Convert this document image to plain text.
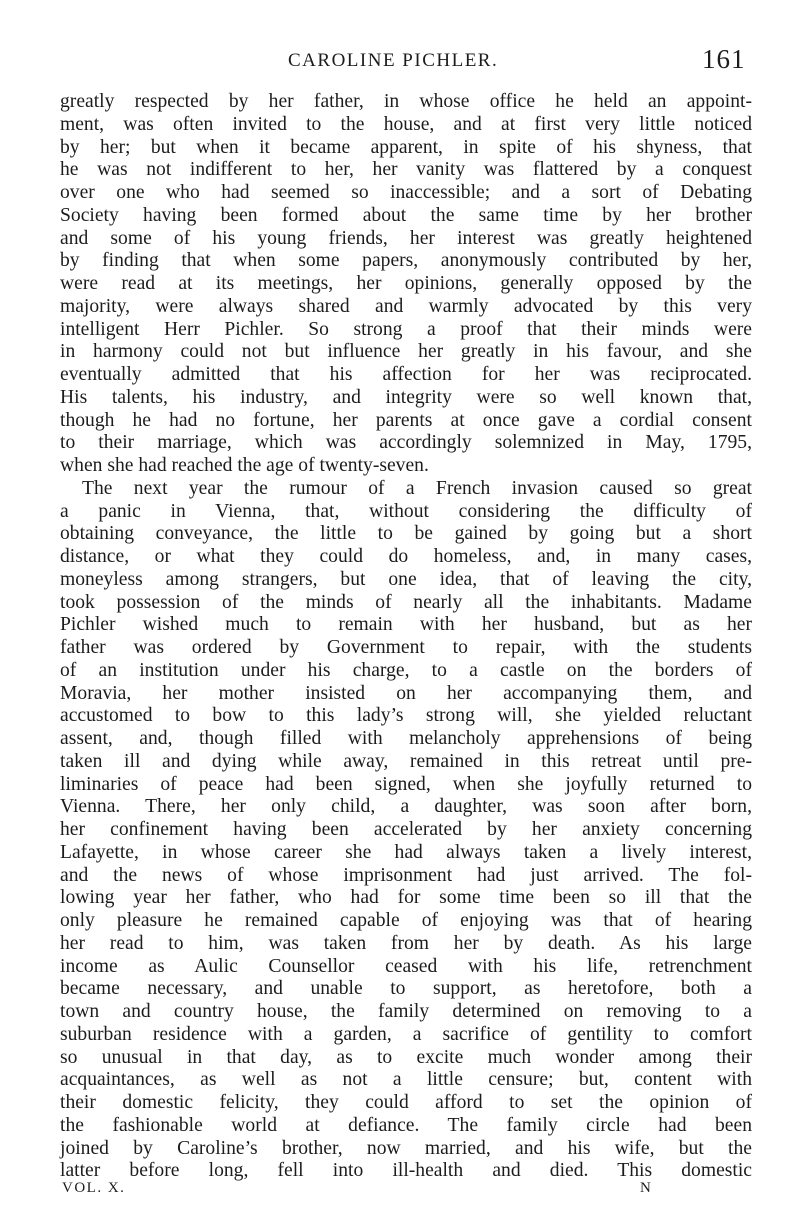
CAROLINE PICHLER.	161
greatly respected by her father, in whose office he held an appoint-
ment, was often invited to the house, and at first very little noticed
by her; but when it became apparent, in spite of his shyness, that
he was not indifferent to her, her vanity was flattered by a conquest
over one who had seemed so inaccessible; and a sort of Debating
Society having been formed about the same time by her brother
and some of his young friends, her interest was greatly heightened
by finding that when some papers, anonymously contributed by her,
were read at its meetings, her opinions, generally opposed by the
majority, were always shared and warmly advocated by this very
intelligent Herr Pichler. So strong a proof that their minds were
in harmony could not but influence her greatly in his favour, and she
eventually admitted that his affection for her was reciprocated.
His talents, his industry, and integrity were so well known that,
though he had no fortune, her parents at once gave a cordial consent
to their marriage, which was accordingly solemnized in May, 1795,
when she had reached the age of twenty-seven.
The next year the rumour of a French invasion caused so great
a panic in Vienna, that, without considering the difficulty of
obtaining conveyance, the little to be gained by going but a short
distance, or what they could do homeless, and, in many cases,
moneyless among strangers, but one idea, that of leaving the city,
took possession of the minds of nearly all the inhabitants. Madame
Pichler wished much to remain with her husband, but as her
father was ordered by Government to repair, with the students
of an institution under his charge, to a castle on the borders of
Moravia, her mother insisted on her accompanying them, and
accustomed to bow to this lady’s strong will, she yielded reluctant
assent, and, though filled with melancholy apprehensions of being
taken ill and dying while away, remained in this retreat until pre-
liminaries of peace had been signed, when she joyfully returned to
Vienna. There, her only child, a daughter, was soon after born,
her confinement having been accelerated by her anxiety concerning
Lafayette, in whose career she had always taken a lively interest,
and the news of whose imprisonment had just arrived. The fol-
lowing year her father, who had for some time been so ill that the
only pleasure he remained capable of enjoying was that of hearing
her read to him, was taken from her by death. As his large
income as Aulic Counsellor ceased with his life, retrenchment
became necessary, and unable to support, as heretofore, both a
town and country house, the family determined on removing to a
suburban residence with a garden, a sacrifice of gentility to comfort
so unusual in that day, as to excite much wonder among their
acquaintances, as well as not a little censure; but, content with
their domestic felicity, they could afford to set the opinion of
the fashionable world at defiance. The family circle had been
joined by Caroline’s brother, now married, and his wife, but the
latter before long, fell into ill-health and died. This domestic
VOL. X.	N
